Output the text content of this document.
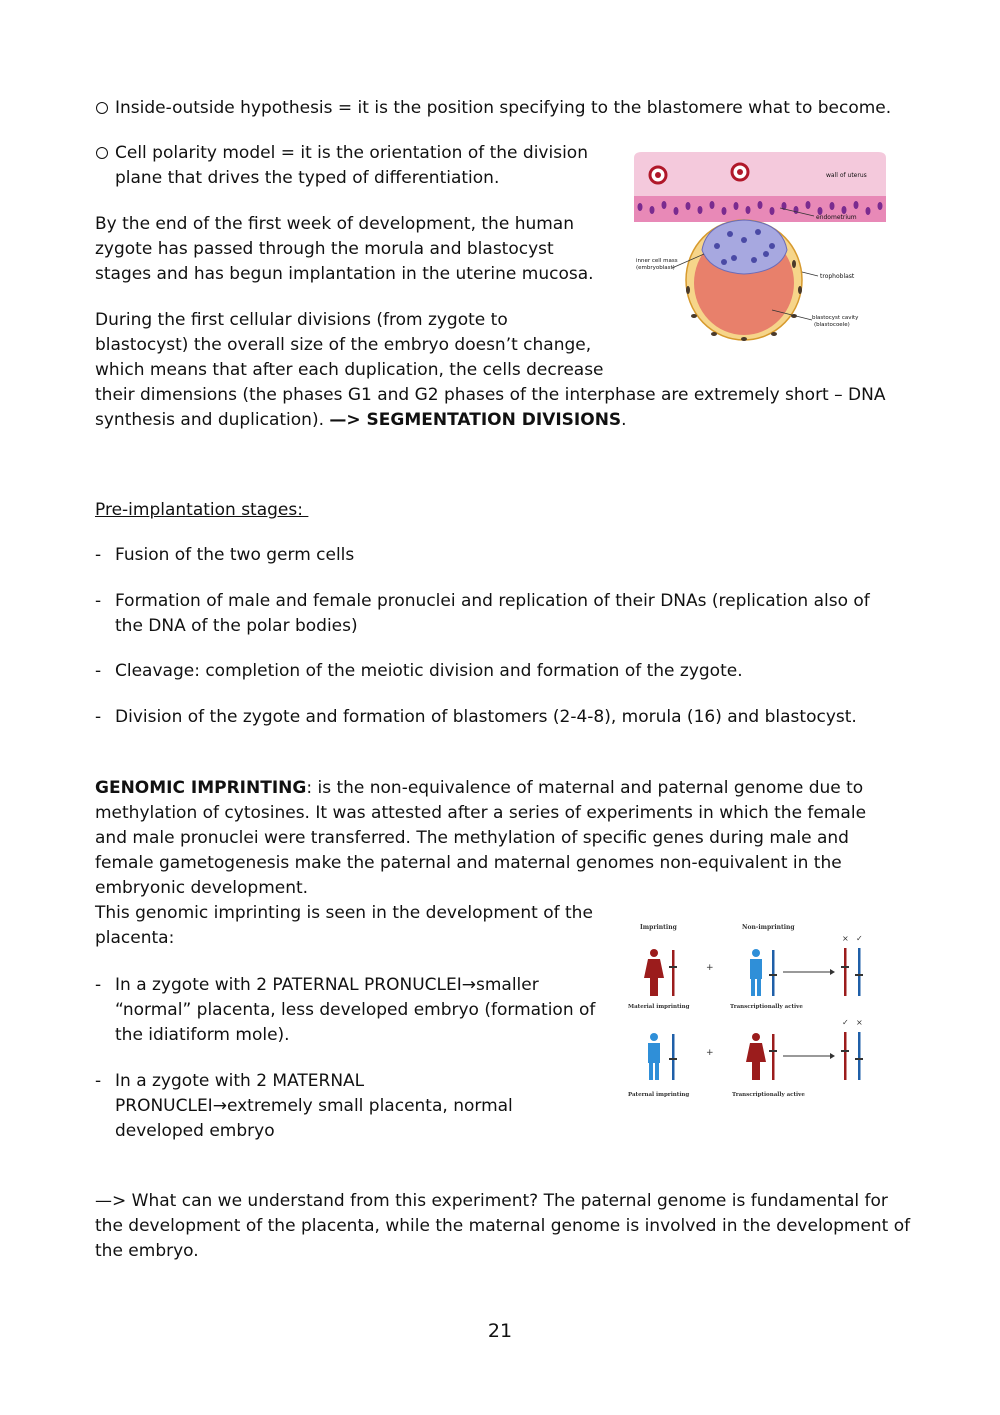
Inside-outside hypothesis = it is the position specifying to the blastomere what to become.
Cell polarity model = it is the orientation of the division
plane that drives the typed of differentiation.
By the end of the first week of development, the human
zygote has passed through the morula and blastocyst
stages and has begun implantation in the uterine mucosa.
During the first cellular divisions (from zygote to
blastocyst) the overall size of the embryo doesn’t change,
which means that after each duplication, the cells decrease
their dimensions (the phases G1 and G2 phases of the interphase are extremely short – DNA
synthesis and duplication). —> SEGMENTATION DIVISIONS.
wall of uterus
endometrium
inner cell mass
(embryoblast)
trophoblast
blastocyst cavity
(blastocoele)
Pre-implantation stages:
- Fusion of the two germ cells
- Formation of male and female pronuclei and replication of their DNAs (replication also of
the DNA of the polar bodies)
- Cleavage: completion of the meiotic division and formation of the zygote.
- Division of the zygote and formation of blastomers (2-4-8), morula (16) and blastocyst.
GENOMIC IMPRINTING: is the non-equivalence of maternal and paternal genome due to
methylation of cytosines. It was attested after a series of experiments in which the female
and male pronuclei were transferred. The methylation of specific genes during male and
female gametogenesis make the paternal and maternal genomes non-equivalent in the
embryonic development.
This genomic imprinting is seen in the development of the
placenta:
- In a zygote with 2 PATERNAL PRONUCLEI→smaller
“normal” placenta, less developed embryo (formation of
the idiatiform mole).
- In a zygote with 2 MATERNAL
PRONUCLEI→extremely small placenta, normal
developed embryo
Imprinting	Non-imprinting
+
+
× ✓
✓ ×
Material imprinting	Transcriptionally active
Paternal imprinting	Transcriptionally active
—> What can we understand from this experiment? The paternal genome is fundamental for
the development of the placenta, while the maternal genome is involved in the development of
the embryo.
21
